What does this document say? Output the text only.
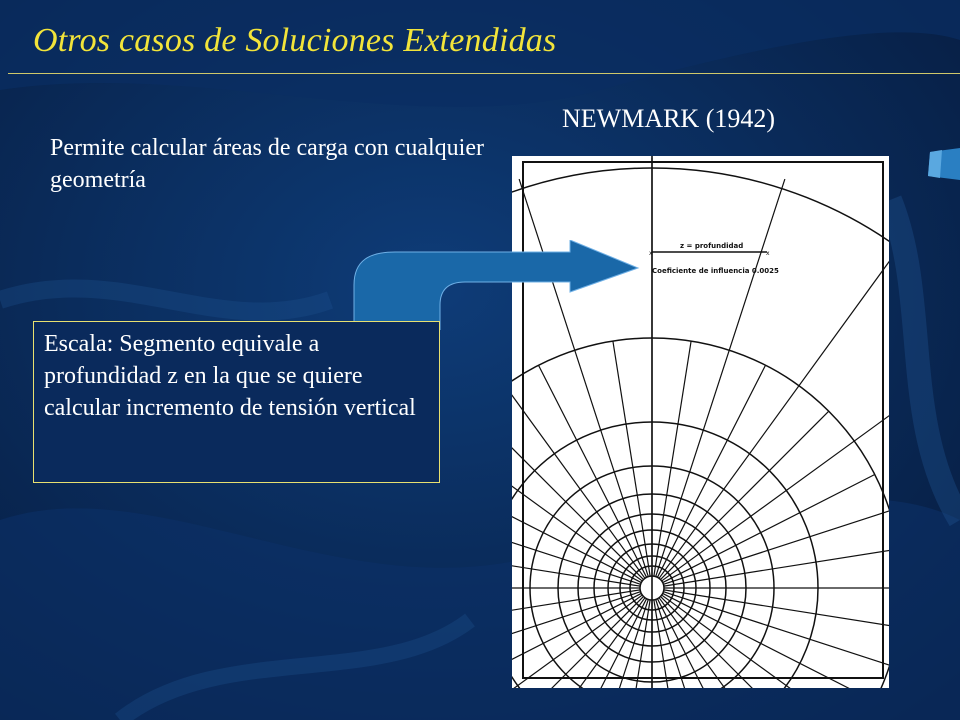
Otros casos de Soluciones Extendidas
NEWMARK (1942)
Permite calcular áreas de carga con cualquier geometría
z = profundidad
x	x
Coeficiente de influencia 0.0025
Escala: Segmento equivale a profundidad z en la que se quiere calcular incremento de tensión vertical
